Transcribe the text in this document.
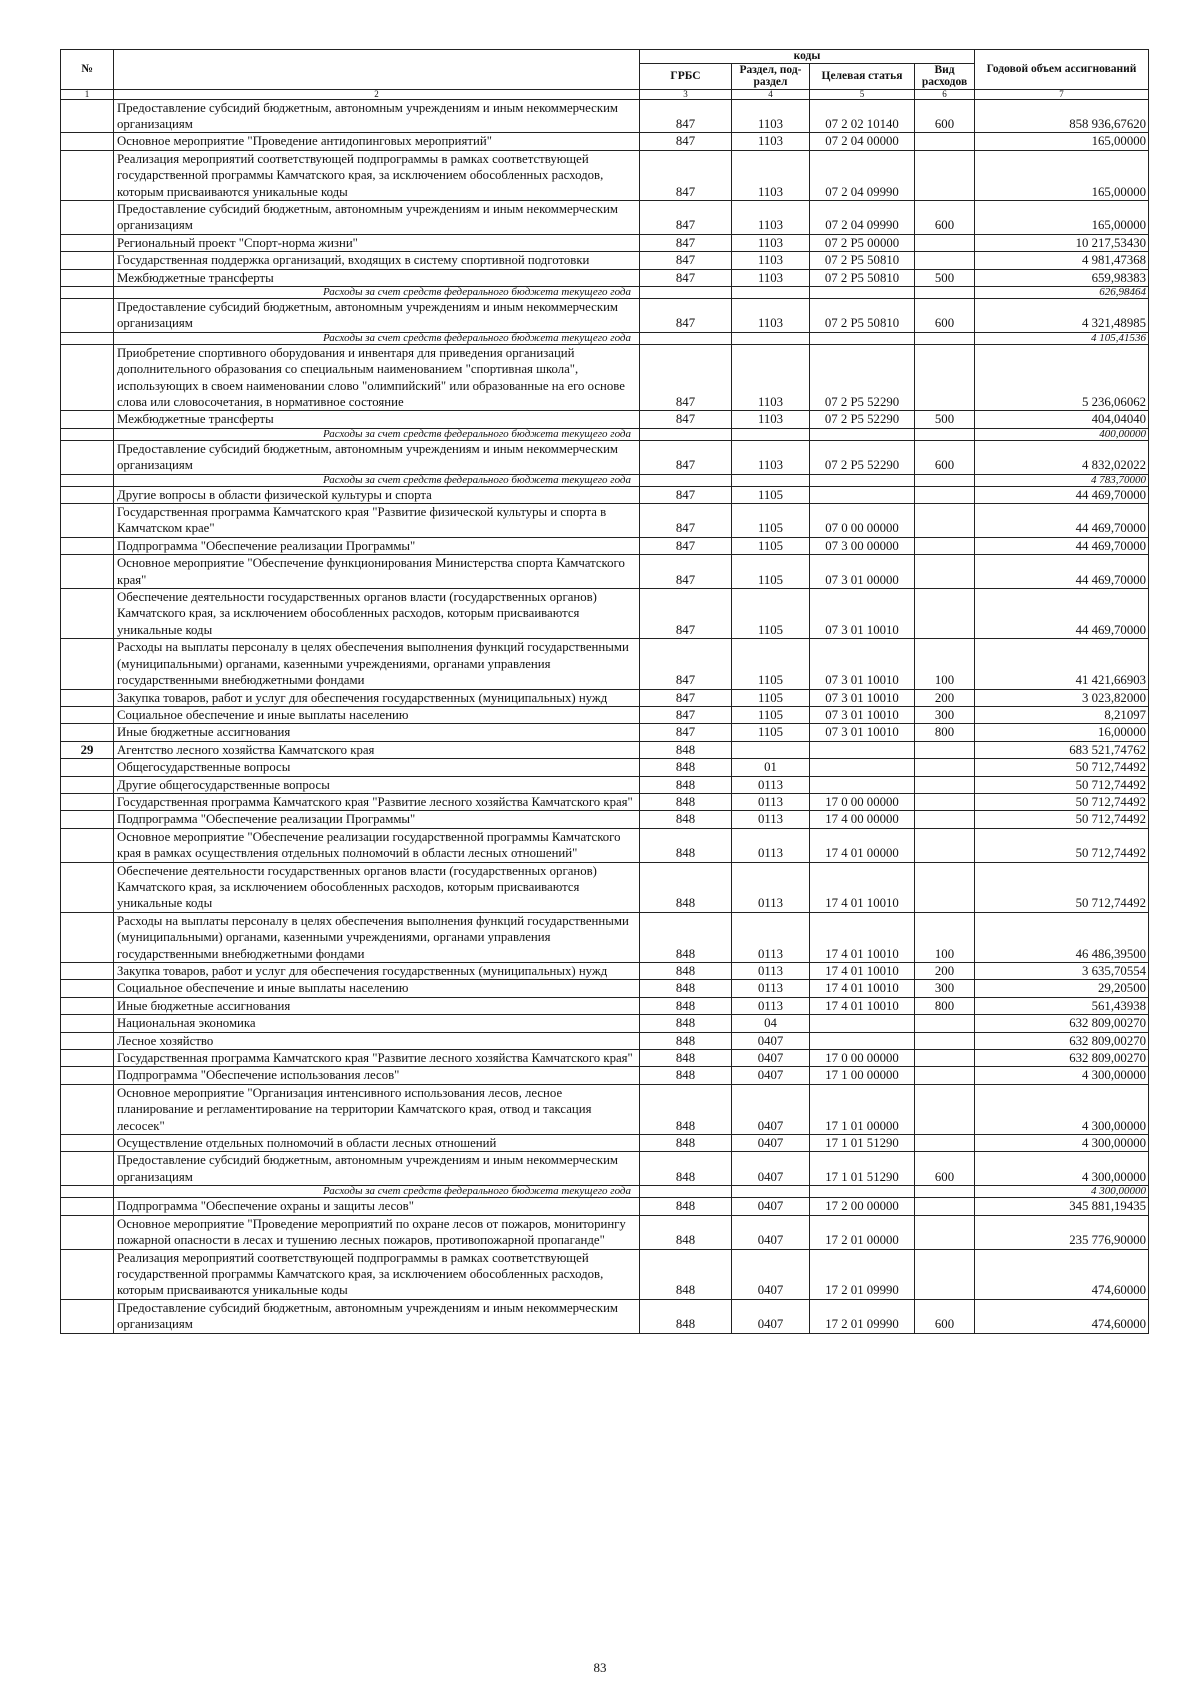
№		коды				Годовой объем ассигнований
		ГРБС	Раздел, под-раздел	Целевая статья	Вид расходов	
1	2	3	4	5	6	7
	Предоставление субсидий бюджетным, автономным учреждениям и иным некоммерческим организациям	847	1103	07 2 02 10140	600	858 936,67620
	Основное мероприятие "Проведение антидопинговых мероприятий"	847	1103	07 2 04 00000		165,00000
	Реализация мероприятий соответствующей подпрограммы в рамках соответствующей государственной программы Камчатского края, за исключением обособленных расходов, которым присваиваются уникальные коды	847	1103	07 2 04 09990		165,00000
	Предоставление субсидий бюджетным, автономным учреждениям и иным некоммерческим организациям	847	1103	07 2 04 09990	600	165,00000
	Региональный проект "Спорт-норма жизни"	847	1103	07 2 P5 00000		10 217,53430
	Государственная поддержка организаций, входящих в систему спортивной подготовки	847	1103	07 2 P5 50810		4 981,47368
	Межбюджетные трансферты	847	1103	07 2 P5 50810	500	659,98383
	Расходы за счет средств федерального бюджета текущего года					626,98464
	Предоставление субсидий бюджетным, автономным учреждениям и иным некоммерческим организациям	847	1103	07 2 P5 50810	600	4 321,48985
	Расходы за счет средств федерального бюджета текущего года					4 105,41536
	Приобретение спортивного оборудования и инвентаря для приведения организаций дополнительного образования со специальным наименованием "спортивная школа", использующих в своем наименовании слово "олимпийский" или образованные на его основе слова или словосочетания, в нормативное состояние	847	1103	07 2 P5 52290		5 236,06062
	Межбюджетные трансферты	847	1103	07 2 P5 52290	500	404,04040
	Расходы за счет средств федерального бюджета текущего года					400,00000
	Предоставление субсидий бюджетным, автономным учреждениям и иным некоммерческим организациям	847	1103	07 2 P5 52290	600	4 832,02022
	Расходы за счет средств федерального бюджета текущего года					4 783,70000
	Другие вопросы в области физической культуры и спорта	847	1105			44 469,70000
	Государственная программа Камчатского края "Развитие физической культуры и спорта в Камчатском крае"	847	1105	07 0 00 00000		44 469,70000
	Подпрограмма "Обеспечение реализации Программы"	847	1105	07 3 00 00000		44 469,70000
	Основное мероприятие "Обеспечение функционирования Министерства спорта Камчатского края"	847	1105	07 3 01 00000		44 469,70000
	Обеспечение деятельности государственных органов власти (государственных органов) Камчатского края, за исключением обособленных расходов, которым присваиваются уникальные коды	847	1105	07 3 01 10010		44 469,70000
	Расходы на выплаты персоналу в целях обеспечения выполнения функций государственными (муниципальными) органами, казенными учреждениями, органами управления государственными внебюджетными фондами	847	1105	07 3 01 10010	100	41 421,66903
	Закупка товаров, работ и услуг для обеспечения государственных (муниципальных) нужд	847	1105	07 3 01 10010	200	3 023,82000
	Социальное обеспечение и иные выплаты населению	847	1105	07 3 01 10010	300	8,21097
	Иные бюджетные ассигнования	847	1105	07 3 01 10010	800	16,00000
29	Агентство лесного хозяйства Камчатского края	848				683 521,74762
	Общегосударственные вопросы	848	01			50 712,74492
	Другие общегосударственные вопросы	848	0113			50 712,74492
	Государственная программа Камчатского края "Развитие лесного хозяйства Камчатского края"	848	0113	17 0 00 00000		50 712,74492
	Подпрограмма "Обеспечение реализации Программы"	848	0113	17 4 00 00000		50 712,74492
	Основное мероприятие "Обеспечение реализации государственной программы Камчатского края в рамках осуществления отдельных полномочий в области лесных отношений"	848	0113	17 4 01 00000		50 712,74492
	Обеспечение деятельности государственных органов власти (государственных органов) Камчатского края, за исключением обособленных расходов, которым присваиваются уникальные коды	848	0113	17 4 01 10010		50 712,74492
	Расходы на выплаты персоналу в целях обеспечения выполнения функций государственными (муниципальными) органами, казенными учреждениями, органами управления государственными внебюджетными фондами	848	0113	17 4 01 10010	100	46 486,39500
	Закупка товаров, работ и услуг для обеспечения государственных (муниципальных) нужд	848	0113	17 4 01 10010	200	3 635,70554
	Социальное обеспечение и иные выплаты населению	848	0113	17 4 01 10010	300	29,20500
	Иные бюджетные ассигнования	848	0113	17 4 01 10010	800	561,43938
	Национальная экономика	848	04			632 809,00270
	Лесное хозяйство	848	0407			632 809,00270
	Государственная программа Камчатского края "Развитие лесного хозяйства Камчатского края"	848	0407	17 0 00 00000		632 809,00270
	Подпрограмма "Обеспечение использования лесов"	848	0407	17 1 00 00000		4 300,00000
	Основное мероприятие "Организация интенсивного использования лесов, лесное планирование и регламентирование на территории Камчатского края, отвод и таксация лесосек"	848	0407	17 1 01 00000		4 300,00000
	Осуществление отдельных полномочий в области лесных отношений	848	0407	17 1 01 51290		4 300,00000
	Предоставление субсидий бюджетным, автономным учреждениям и иным некоммерческим организациям	848	0407	17 1 01 51290	600	4 300,00000
	Расходы за счет средств федерального бюджета текущего года					4 300,00000
	Подпрограмма "Обеспечение охраны и защиты лесов"	848	0407	17 2 00 00000		345 881,19435
	Основное мероприятие "Проведение мероприятий по охране лесов от пожаров, мониторингу пожарной опасности в лесах и тушению лесных пожаров, противопожарной пропаганде"	848	0407	17 2 01 00000		235 776,90000
	Реализация мероприятий соответствующей подпрограммы в рамках соответствующей государственной программы Камчатского края, за исключением обособленных расходов, которым присваиваются уникальные коды	848	0407	17 2 01 09990		474,60000
	Предоставление субсидий бюджетным, автономным учреждениям и иным некоммерческим организациям	848	0407	17 2 01 09990	600	474,60000
83
